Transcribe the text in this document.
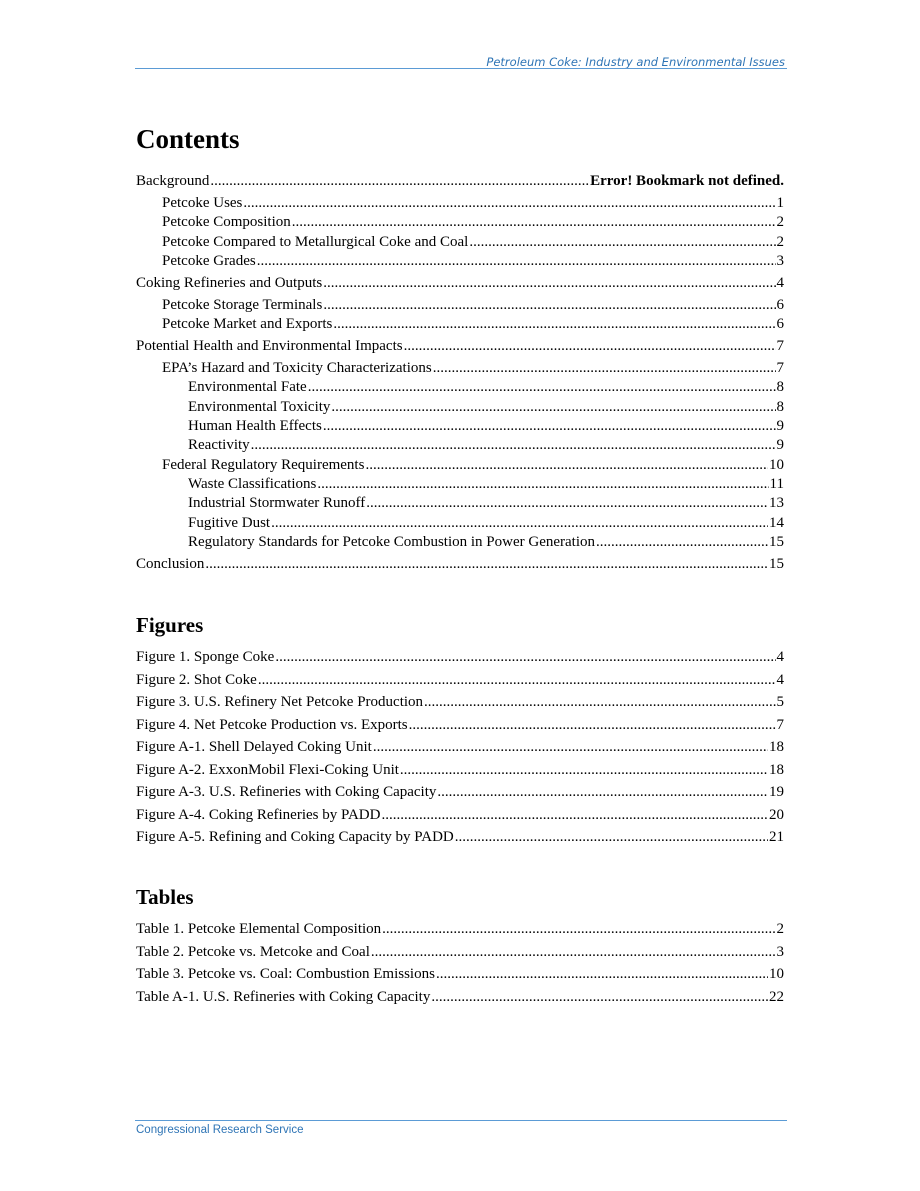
Petroleum Coke: Industry and Environmental Issues
Contents
Background .....	Error! Bookmark not defined.
Petcoke Uses .....	1
Petcoke Composition .....	2
Petcoke Compared to Metallurgical Coke and Coal .....	2
Petcoke Grades .....	3
Coking Refineries and Outputs .....	4
Petcoke Storage Terminals .....	6
Petcoke Market and Exports .....	6
Potential Health and Environmental Impacts .....	7
EPA’s Hazard and Toxicity Characterizations .....	7
Environmental Fate .....	8
Environmental Toxicity .....	8
Human Health Effects .....	9
Reactivity .....	9
Federal Regulatory Requirements .....	10
Waste Classifications .....	11
Industrial Stormwater Runoff .....	13
Fugitive Dust .....	14
Regulatory Standards for Petcoke Combustion in Power Generation .....	15
Conclusion .....	15
Figures
Figure 1. Sponge Coke .....	4
Figure 2. Shot Coke .....	4
Figure 3. U.S. Refinery Net Petcoke Production .....	5
Figure 4. Net Petcoke Production vs. Exports .....	7
Figure A-1. Shell Delayed Coking Unit .....	18
Figure A-2. ExxonMobil Flexi-Coking Unit .....	18
Figure A-3. U.S. Refineries with Coking Capacity .....	19
Figure A-4. Coking Refineries by PADD .....	20
Figure A-5. Refining and Coking Capacity by PADD .....	21
Tables
Table 1. Petcoke Elemental Composition .....	2
Table 2. Petcoke vs. Metcoke and Coal .....	3
Table 3. Petcoke vs. Coal: Combustion Emissions .....	10
Table A-1. U.S. Refineries with Coking Capacity .....	22
Congressional Research Service
